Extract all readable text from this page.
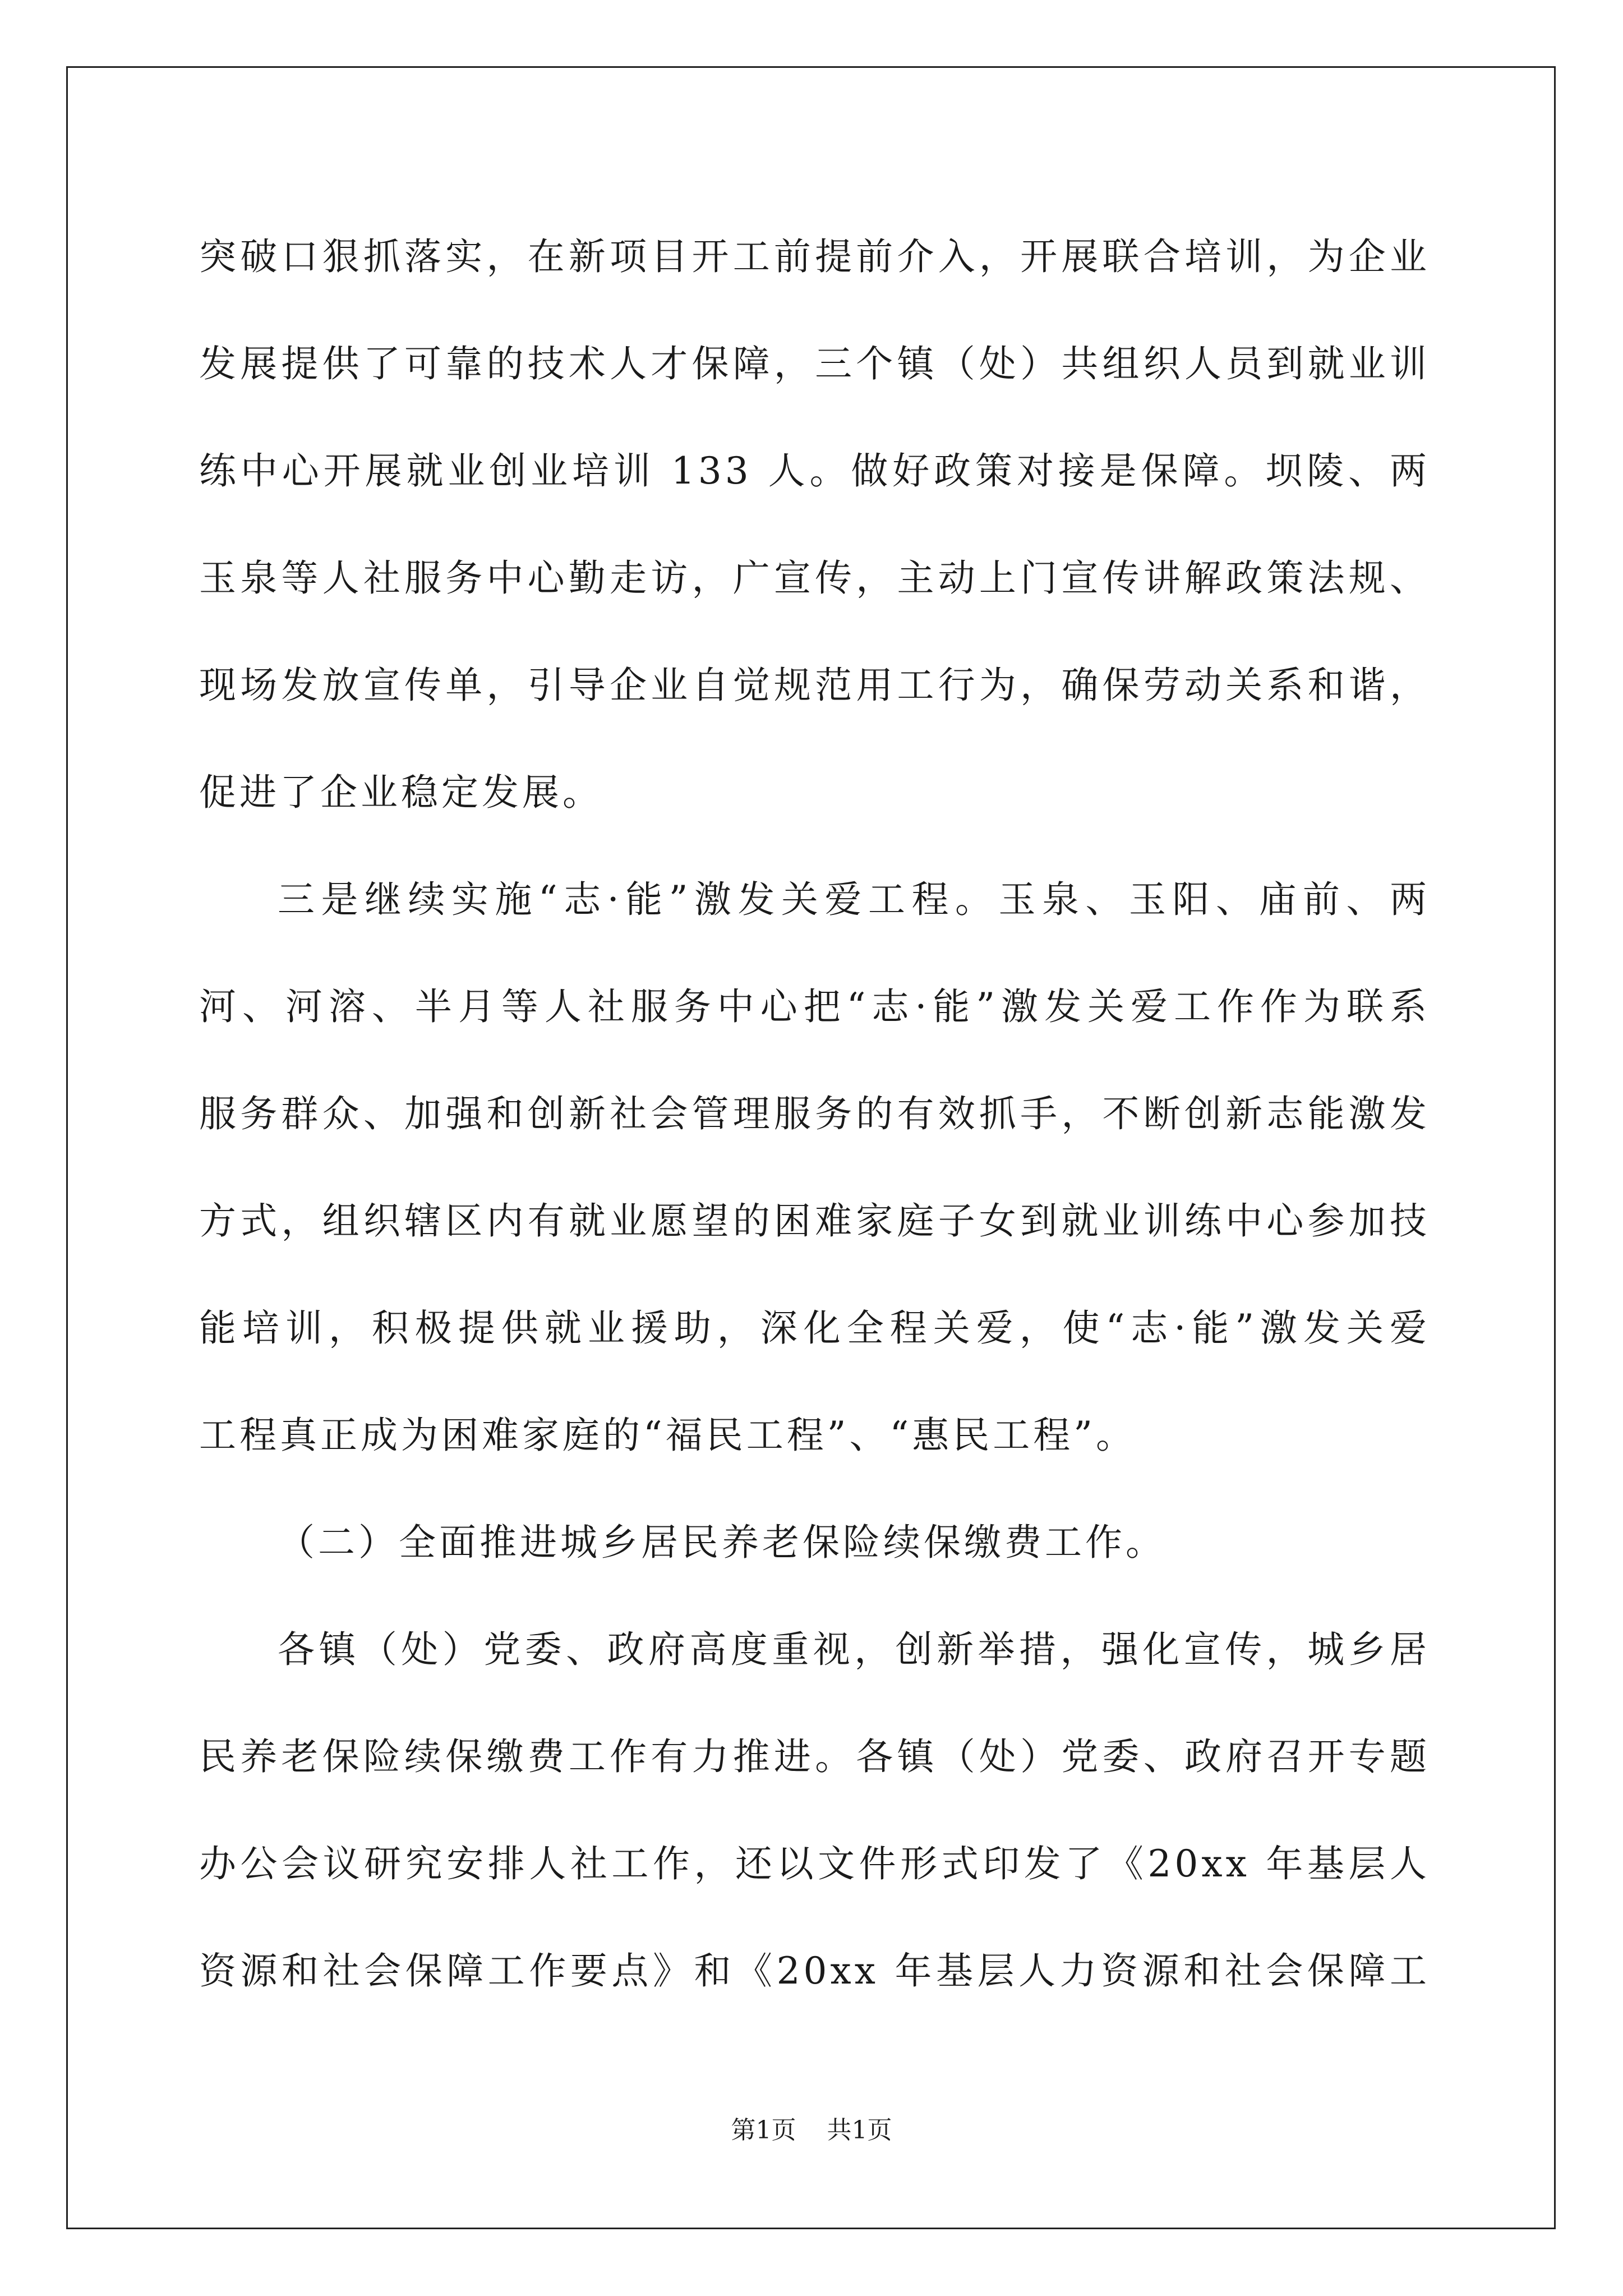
突破口狠抓落实，在新项目开工前提前介入，开展联合培训，为企业
发展提供了可靠的技术人才保障，三个镇（处）共组织人员到就业训
练中心开展就业创业培训 133 人。做好政策对接是保障。坝陵、两
玉泉等人社服务中心勤走访，广宣传，主动上门宣传讲解政策法规、
现场发放宣传单，引导企业自觉规范用工行为，确保劳动关系和谐，
促进了企业稳定发展。
三是继续实施“志·能”激发关爱工程。玉泉、玉阳、庙前、两
河、河溶、半月等人社服务中心把“志·能”激发关爱工作作为联系
服务群众、加强和创新社会管理服务的有效抓手，不断创新志能激发
方式，组织辖区内有就业愿望的困难家庭子女到就业训练中心参加技
能培训，积极提供就业援助，深化全程关爱，使“志·能”激发关爱
工程真正成为困难家庭的“福民工程”、“惠民工程”。
（二）全面推进城乡居民养老保险续保缴费工作。
各镇（处）党委、政府高度重视，创新举措，强化宣传，城乡居
民养老保险续保缴费工作有力推进。各镇（处）党委、政府召开专题
办公会议研究安排人社工作，还以文件形式印发了《20xx 年基层人
资源和社会保障工作要点》和《20xx 年基层人力资源和社会保障工
第1页 共1页
